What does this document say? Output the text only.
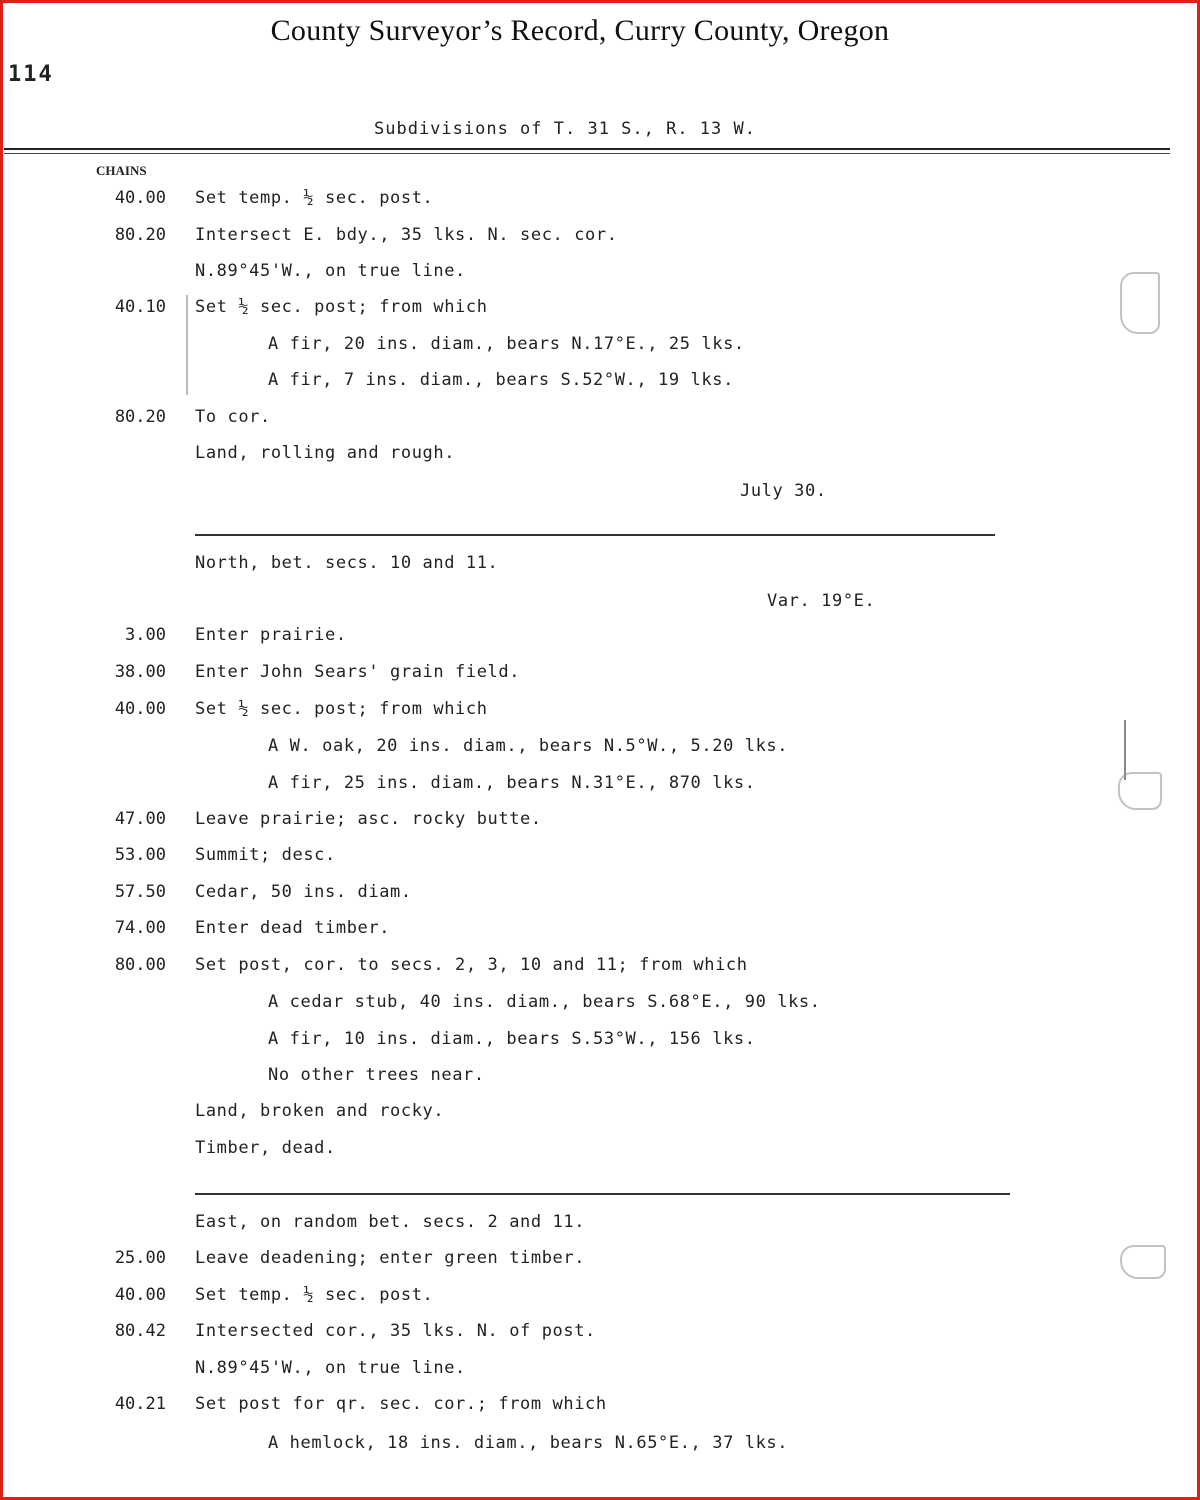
County Surveyor’s Record, Curry County, Oregon
114
Subdivisions of T. 31 S., R. 13 W.
CHAINS
40.00 Set temp. ½ sec. post.
80.20 Intersect E. bdy., 35 lks. N. sec. cor.
N.89°45'W., on true line.
40.10 Set ½ sec. post; from which
A fir, 20 ins. diam., bears N.17°E., 25 lks.
A fir, 7 ins. diam., bears S.52°W., 19 lks.
80.20 To cor.
Land, rolling and rough.
July 30.
North, bet. secs. 10 and 11.
Var. 19°E.
3.00 Enter prairie.
38.00 Enter John Sears' grain field.
40.00 Set ½ sec. post; from which
A W. oak, 20 ins. diam., bears N.5°W., 5.20 lks.
A fir, 25 ins. diam., bears N.31°E., 870 lks.
47.00 Leave prairie; asc. rocky butte.
53.00 Summit; desc.
57.50 Cedar, 50 ins. diam.
74.00 Enter dead timber.
80.00 Set post, cor. to secs. 2, 3, 10 and 11; from which
A cedar stub, 40 ins. diam., bears S.68°E., 90 lks.
A fir, 10 ins. diam., bears S.53°W., 156 lks.
No other trees near.
Land, broken and rocky.
Timber, dead.
East, on random bet. secs. 2 and 11.
25.00 Leave deadening; enter green timber.
40.00 Set temp. ½ sec. post.
80.42 Intersected cor., 35 lks. N. of post.
N.89°45'W., on true line.
40.21 Set post for qr. sec. cor.; from which
A hemlock, 18 ins. diam., bears N.65°E., 37 lks.
